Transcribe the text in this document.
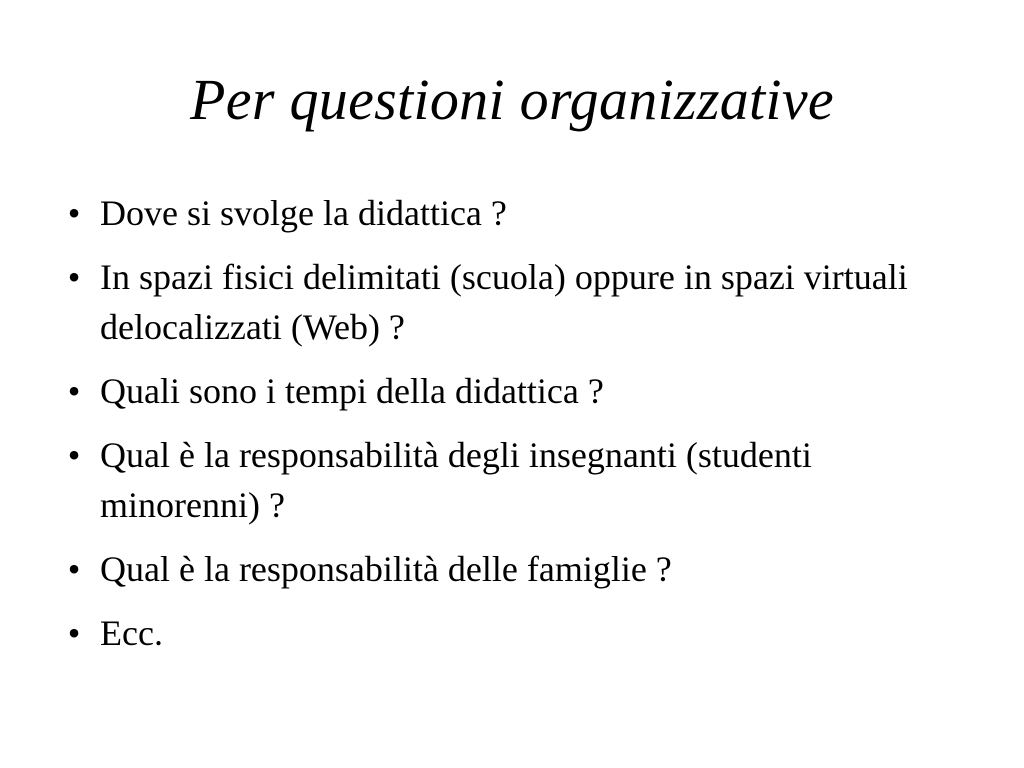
Per questioni organizzative
• Dove si svolge la didattica ?
• In spazi fisici delimitati (scuola) oppure in spazi virtuali delocalizzati (Web) ?
• Quali sono i tempi della didattica ?
• Qual è la responsabilità degli insegnanti (studenti minorenni) ?
• Qual è la responsabilità delle famiglie ?
• Ecc.
